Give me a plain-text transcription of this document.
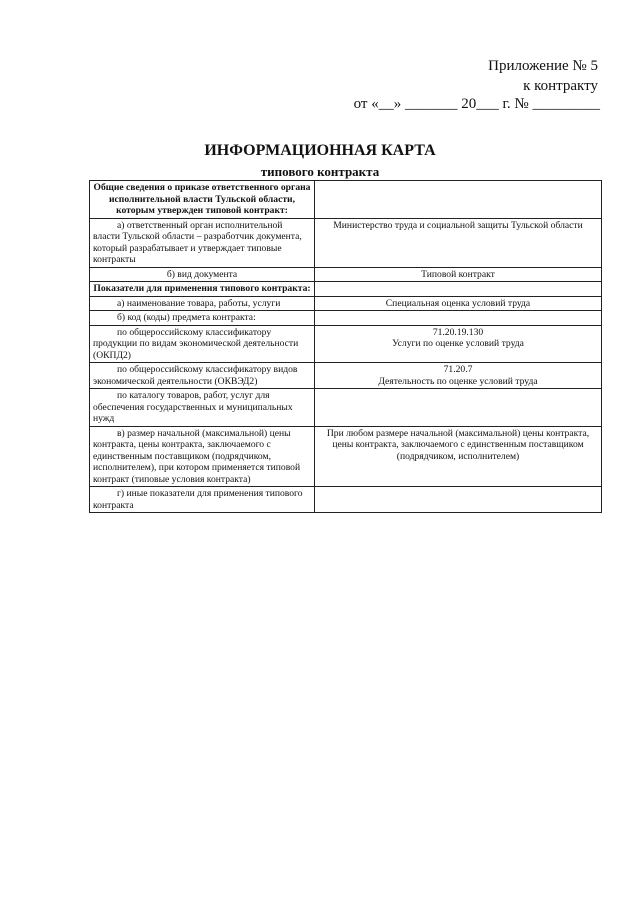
Приложение № 5
к контракту
от «__» _______ 20___ г. № _________
ИНФОРМАЦИОННАЯ КАРТА
типового контракта
Общие сведения о приказе ответственного органа исполнительной власти Тульской области, которым утвержден типовой контракт:	
а) ответственный орган исполнительной власти Тульской области – разработчик документа, который разрабатывает и утверждает типовые контракты	Министерство труда и социальной защиты Тульской области
б) вид документа	Типовой контракт
Показатели для применения типового контракта:	
а) наименование товара, работы, услуги	Специальная оценка условий труда
б) код (коды) предмета контракта:	
по общероссийскому классификатору продукции по видам экономической деятельности (ОКПД2)	71.20.19.130
Услуги по оценке условий труда

по общероссийскому классификатору видов экономической деятельности (ОКВЭД2)	71.20.7
Деятельность по оценке условий труда

по каталогу товаров, работ, услуг для обеспечения государственных и муниципальных нужд	
в) размер начальной (максимальной) цены контракта, цены контракта, заключаемого с единственным поставщиком (подрядчиком, исполнителем), при котором применяется типовой контракт (типовые условия контракта)	При любом размере начальной (максимальной) цены контракта, цены контракта, заключаемого с единственным поставщиком (подрядчиком, исполнителем)
г) иные показатели для применения типового контракта	
